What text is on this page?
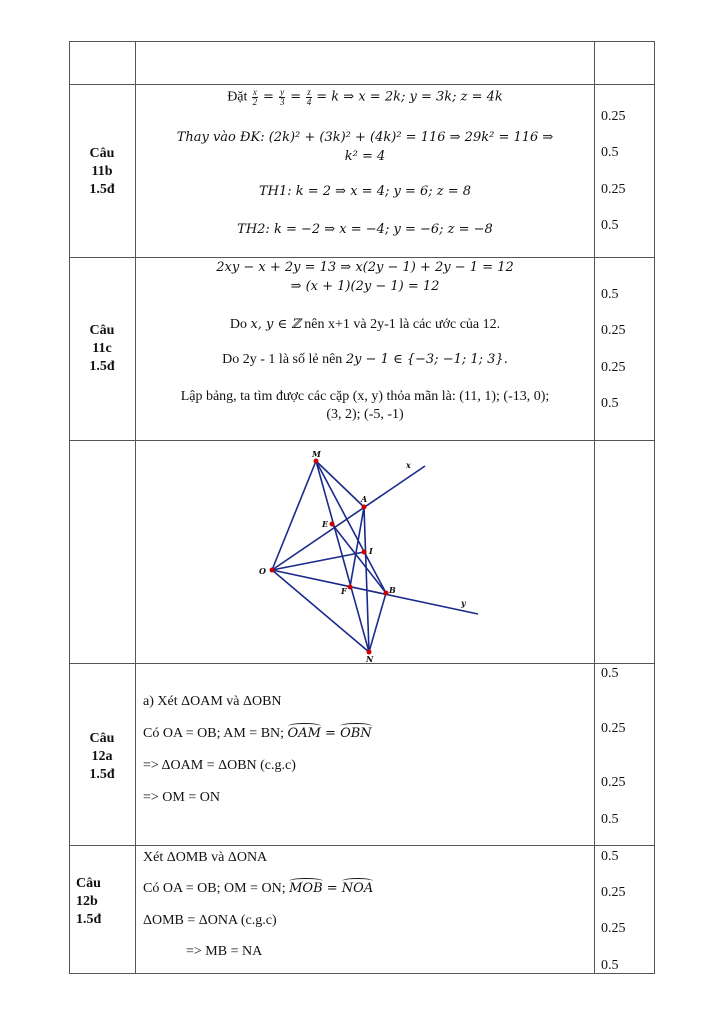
Câu
11b
1.5đ
Đặt $\frac{x}{2} = \frac{y}{3} = \frac{z}{4} = k$ ⇒ x = 2k; y = 3k; z = 4k
Thay vào ĐK: (2k)² + (3k)² + (4k)² = 116 ⇒ 29k² = 116 ⇒
k² = 4
TH1: k = 2 ⇒ x = 4; y = 6; z = 8
TH2: k = −2 ⇒ x = −4; y = −6; z = −8
0.25
0.5
0.25
0.5
Câu
11c
1.5đ
2xy − x + 2y = 13 ⇒ x(2y − 1) + 2y − 1 = 12
⇒ (x + 1)(2y − 1) = 12
Do x, y ∈ ℤ nên x+1 và 2y-1 là các ước của 12.
Do 2y - 1 là số lẻ nên 2y − 1 ∈ {−3; −1; 1; 3}.
Lập bảng, ta tìm được các cặp (x, y) thỏa mãn là: (11, 1); (-13, 0);
(3, 2); (-5, -1)
0.5
0.25
0.25
0.5
M
A
E
I
O
F	B
N
x
y
Câu
12a
1.5đ
a) Xét ΔOAM và ΔOBN
Có OA = OB; AM = BN; OAM = OBN
=> ΔOAM = ΔOBN (c.g.c)
=> OM = ON
0.5
0.25
0.25
0.5
Câu
12b
1.5đ
Xét ΔOMB và ΔONA
Có OA = OB; OM = ON; MOB = NOA
ΔOMB = ΔONA (c.g.c)
=> MB = NA
0.5
0.25
0.25
0.5
